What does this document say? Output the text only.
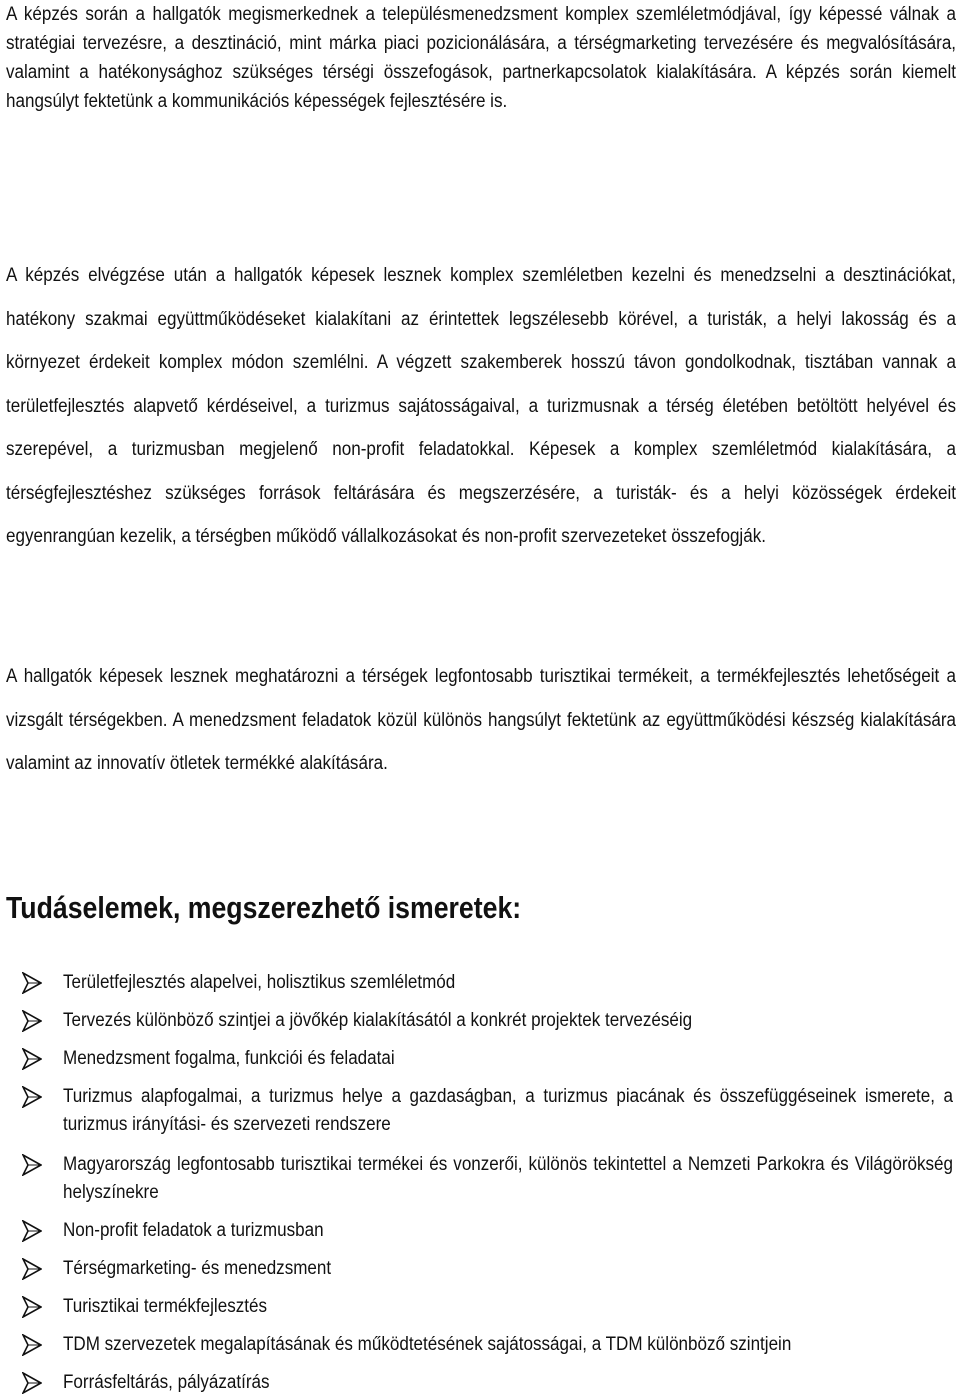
A képzés során a hallgatók megismerkednek a településmenedzsment komplex szemléletmódjával, így képessé válnak a stratégiai tervezésre, a desztináció, mint márka piaci pozicionálására, a térségmarketing tervezésére és megvalósítására, valamint a hatékonysághoz szükséges térségi összefogások, partnerkapcsolatok kialakítására. A képzés során kiemelt hangsúlyt fektetünk a kommunikációs képességek fejlesztésére is.

A képzés elvégzése után a hallgatók képesek lesznek komplex szemléletben kezelni és menedzselni a desztinációkat, hatékony szakmai együttműködéseket kialakítani az érintettek legszélesebb körével, a turisták, a helyi lakosság és a környezet érdekeit komplex módon szemlélni. A végzett szakemberek hosszú távon gondolkodnak, tisztában vannak a területfejlesztés alapvető kérdéseivel, a turizmus sajátosságaival, a turizmusnak a térség életében betöltött helyével és szerepével, a turizmusban megjelenő non-profit feladatokkal. Képesek a komplex szemléletmód kialakítására, a térségfejlesztéshez szükséges források feltárására és megszerzésére, a turisták- és a helyi közösségek érdekeit egyenrangúan kezelik, a térségben működő vállalkozásokat és non-profit szervezeteket összefogják.

A hallgatók képesek lesznek meghatározni a térségek legfontosabb turisztikai termékeit, a termékfejlesztés lehetőségeit a vizsgált térségekben. A menedzsment feladatok közül különös hangsúlyt fektetünk az együttműködési készség kialakítására valamint az innovatív ötletek termékké alakítására.

Tudáselemek, megszerezhető ismeretek:

Területfejlesztés alapelvei, holisztikus szemléletmód

Tervezés különböző szintjei a jövőkép kialakításától a konkrét projektek tervezéséig

Menedzsment fogalma, funkciói és feladatai

Turizmus alapfogalmai, a turizmus helye a gazdaságban, a turizmus piacának és összefüggéseinek ismerete, a turizmus irányítási- és szervezeti rendszere

Magyarország legfontosabb turisztikai termékei és vonzerői, különös tekintettel a Nemzeti Parkokra és Világörökség helyszínekre

Non-profit feladatok a turizmusban

Térségmarketing- és menedzsment

Turisztikai termékfejlesztés

TDM szervezetek megalapításának és működtetésének sajátosságai, a TDM különböző szintjein

Forrásfeltárás, pályázatírás
